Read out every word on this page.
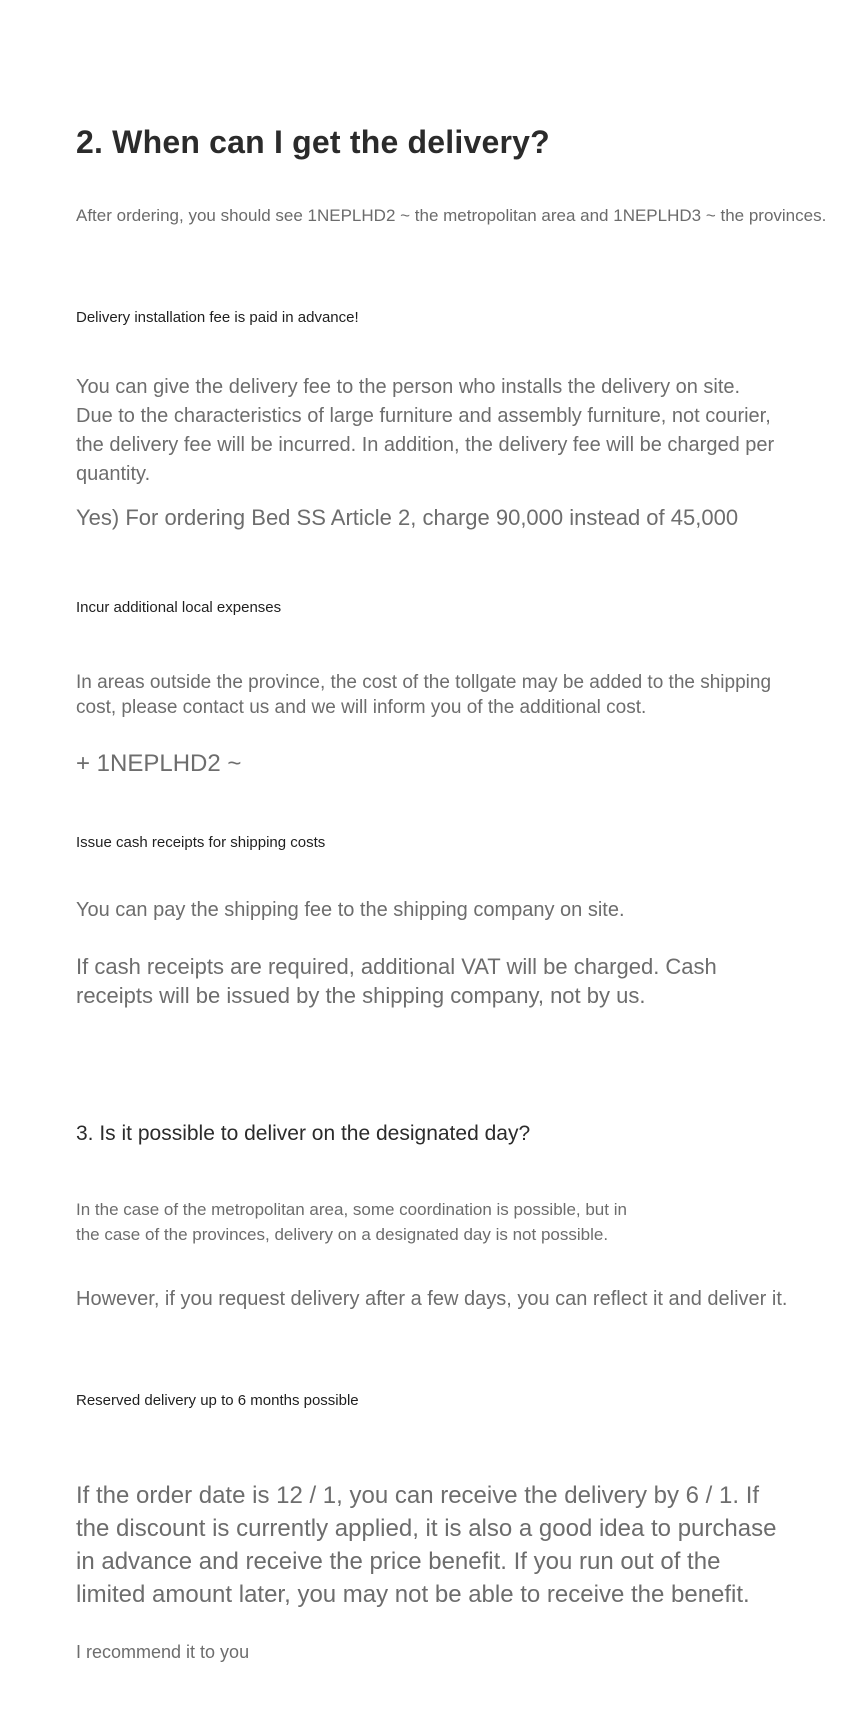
2. When can I get the delivery?

After ordering, you should see 1NEPLHD2 ~ the metropolitan area and 1NEPLHD3 ~ the provinces.

Delivery installation fee is paid in advance!

You can give the delivery fee to the person who installs the delivery on site. Due to the characteristics of large furniture and assembly furniture, not courier, the delivery fee will be incurred. In addition, the delivery fee will be charged per quantity.

Yes) For ordering Bed SS Article 2, charge 90,000 instead of 45,000

Incur additional local expenses

In areas outside the province, the cost of the tollgate may be added to the shipping cost, please contact us and we will inform you of the additional cost.

+ 1NEPLHD2 ~

Issue cash receipts for shipping costs

You can pay the shipping fee to the shipping company on site.

If cash receipts are required, additional VAT will be charged. Cash receipts will be issued by the shipping company, not by us.

3. Is it possible to deliver on the designated day?

In the case of the metropolitan area, some coordination is possible, but in the case of the provinces, delivery on a designated day is not possible.

However, if you request delivery after a few days, you can reflect it and deliver it.

Reserved delivery up to 6 months possible

If the order date is 12 / 1, you can receive the delivery by 6 / 1. If the discount is currently applied, it is also a good idea to purchase in advance and receive the price benefit. If you run out of the limited amount later, you may not be able to receive the benefit.

I recommend it to you
